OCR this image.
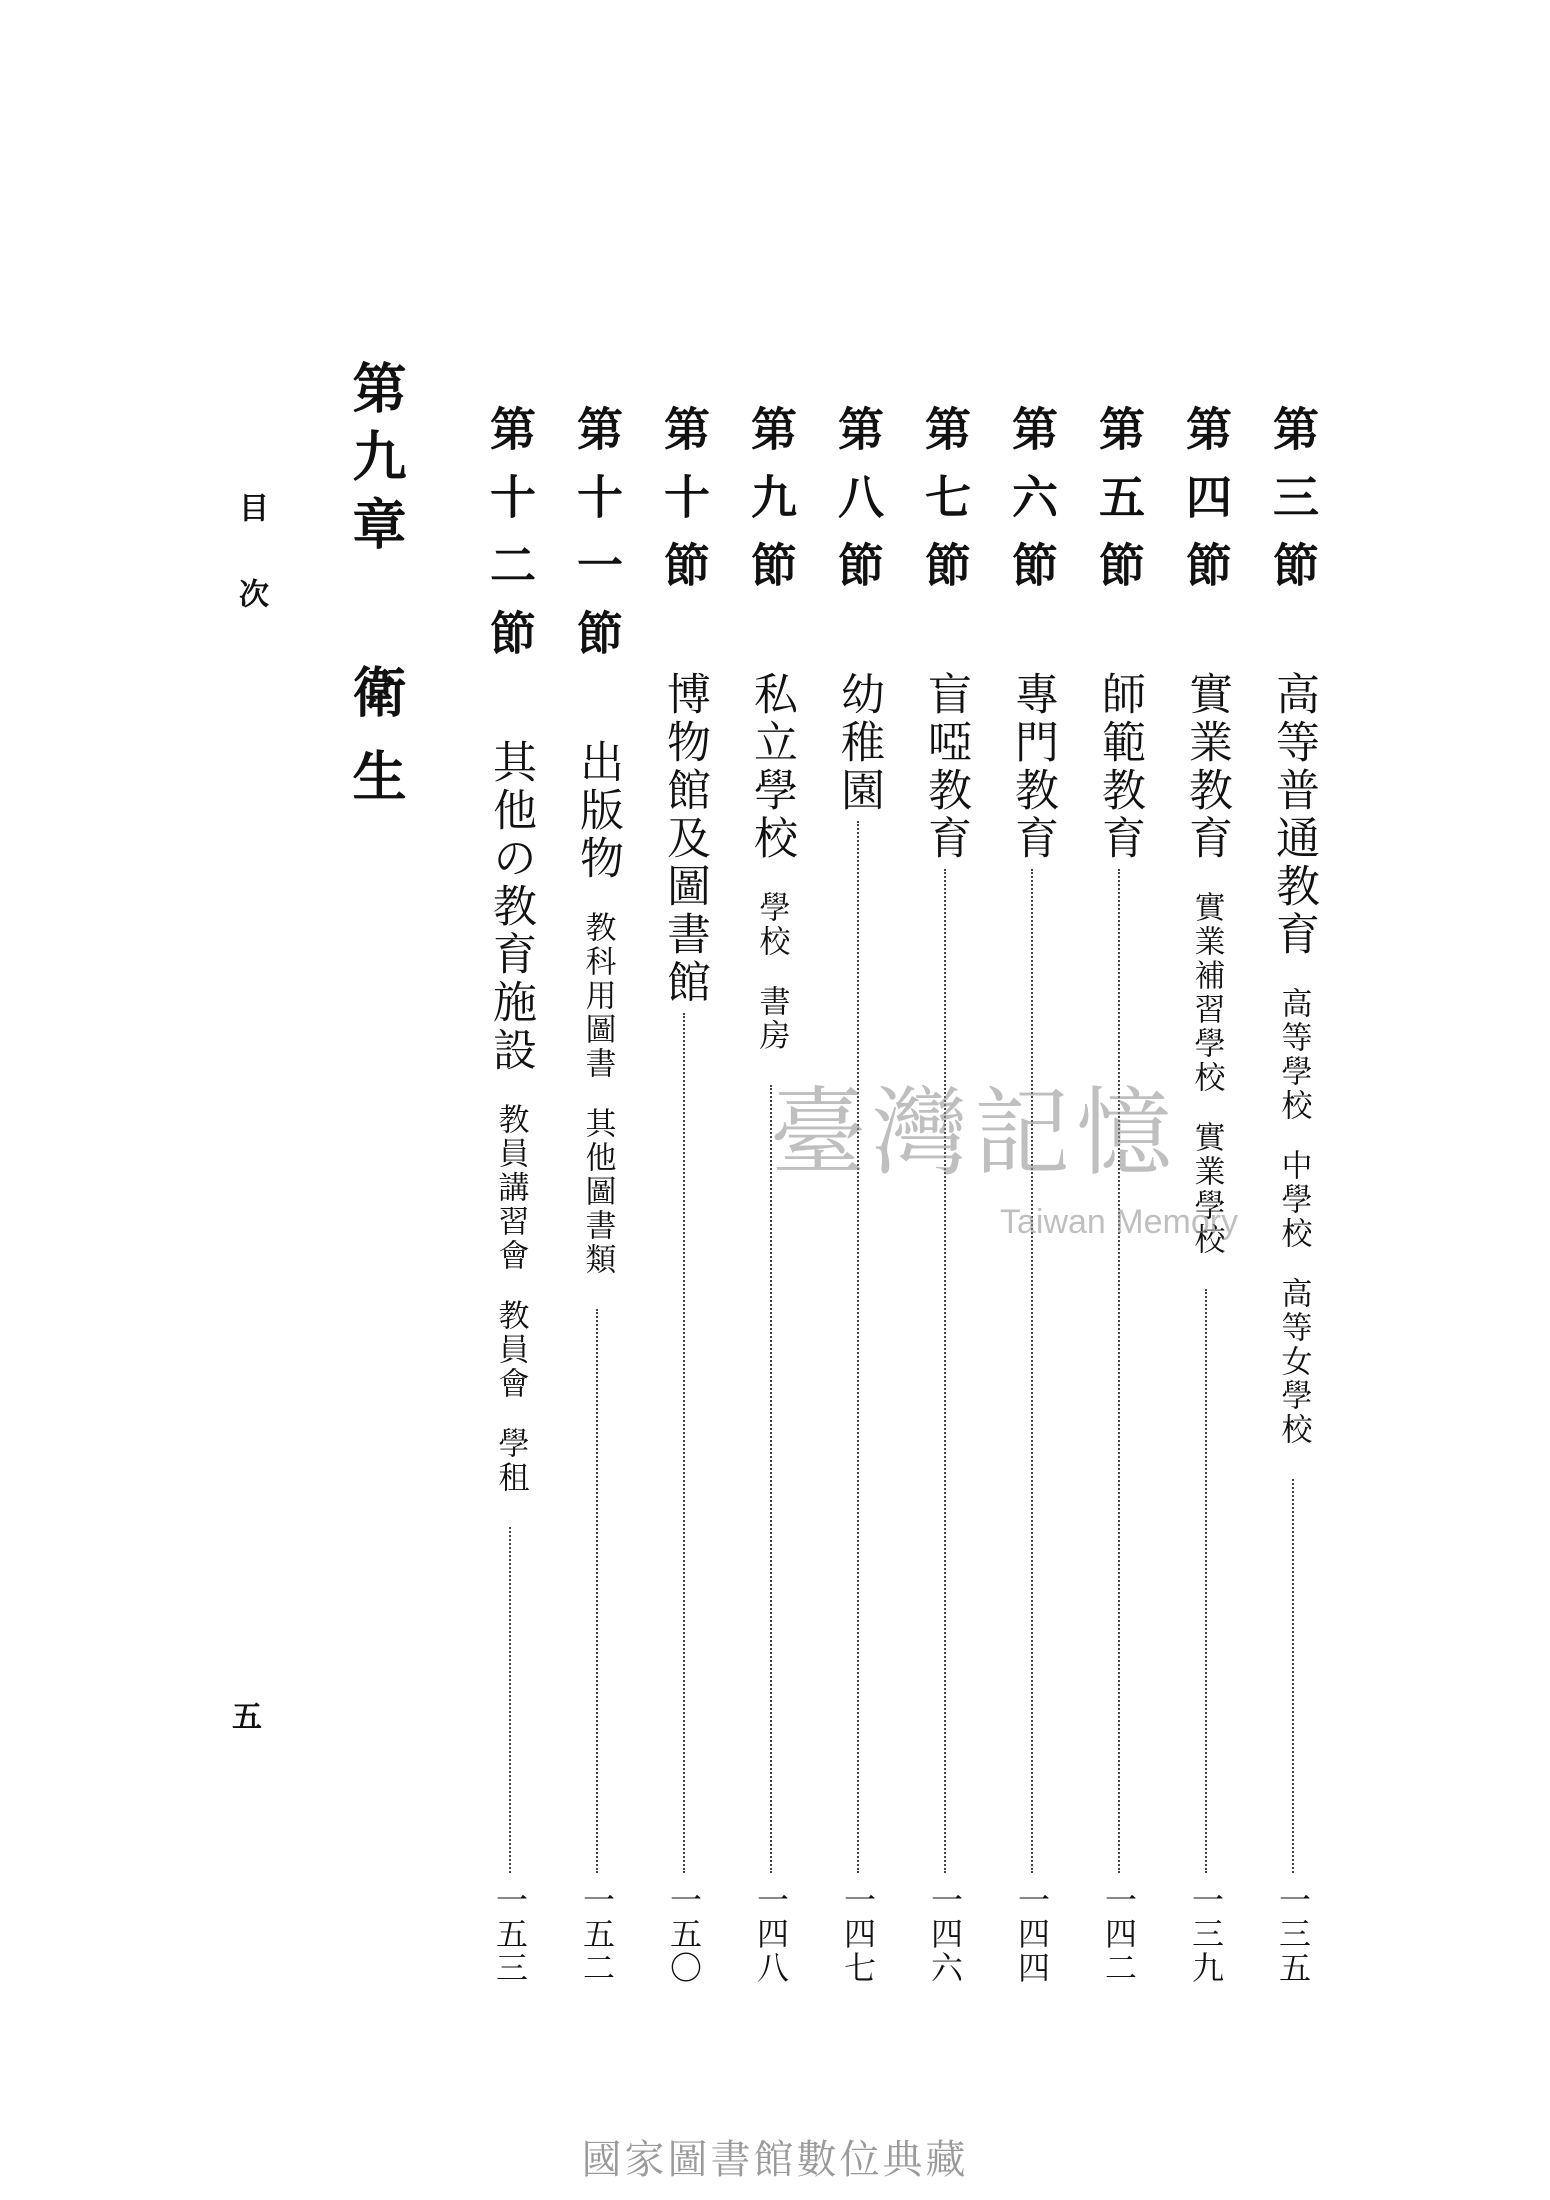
目次
五
第九章
衛生
第三節
高等普通教育
高等學校
中學校
高等女學校
一三五
第四節
實業教育
實業補習學校
實業學校
一三九
第五節
師範教育
一四二
第六節
專門教育
一四四
第七節
盲啞教育
一四六
第八節
幼稚園
一四七
第九節
私立學校
學校
書房
一四八
第十節
博物館及圖書館
一五〇
第十一節
出版物
教科用圖書
其他圖書類
一五二
第十二節
其他の教育施設
教員講習會
教員會
學租
一五三
臺灣記憶
Taiwan Memory
國家圖書館數位典藏
